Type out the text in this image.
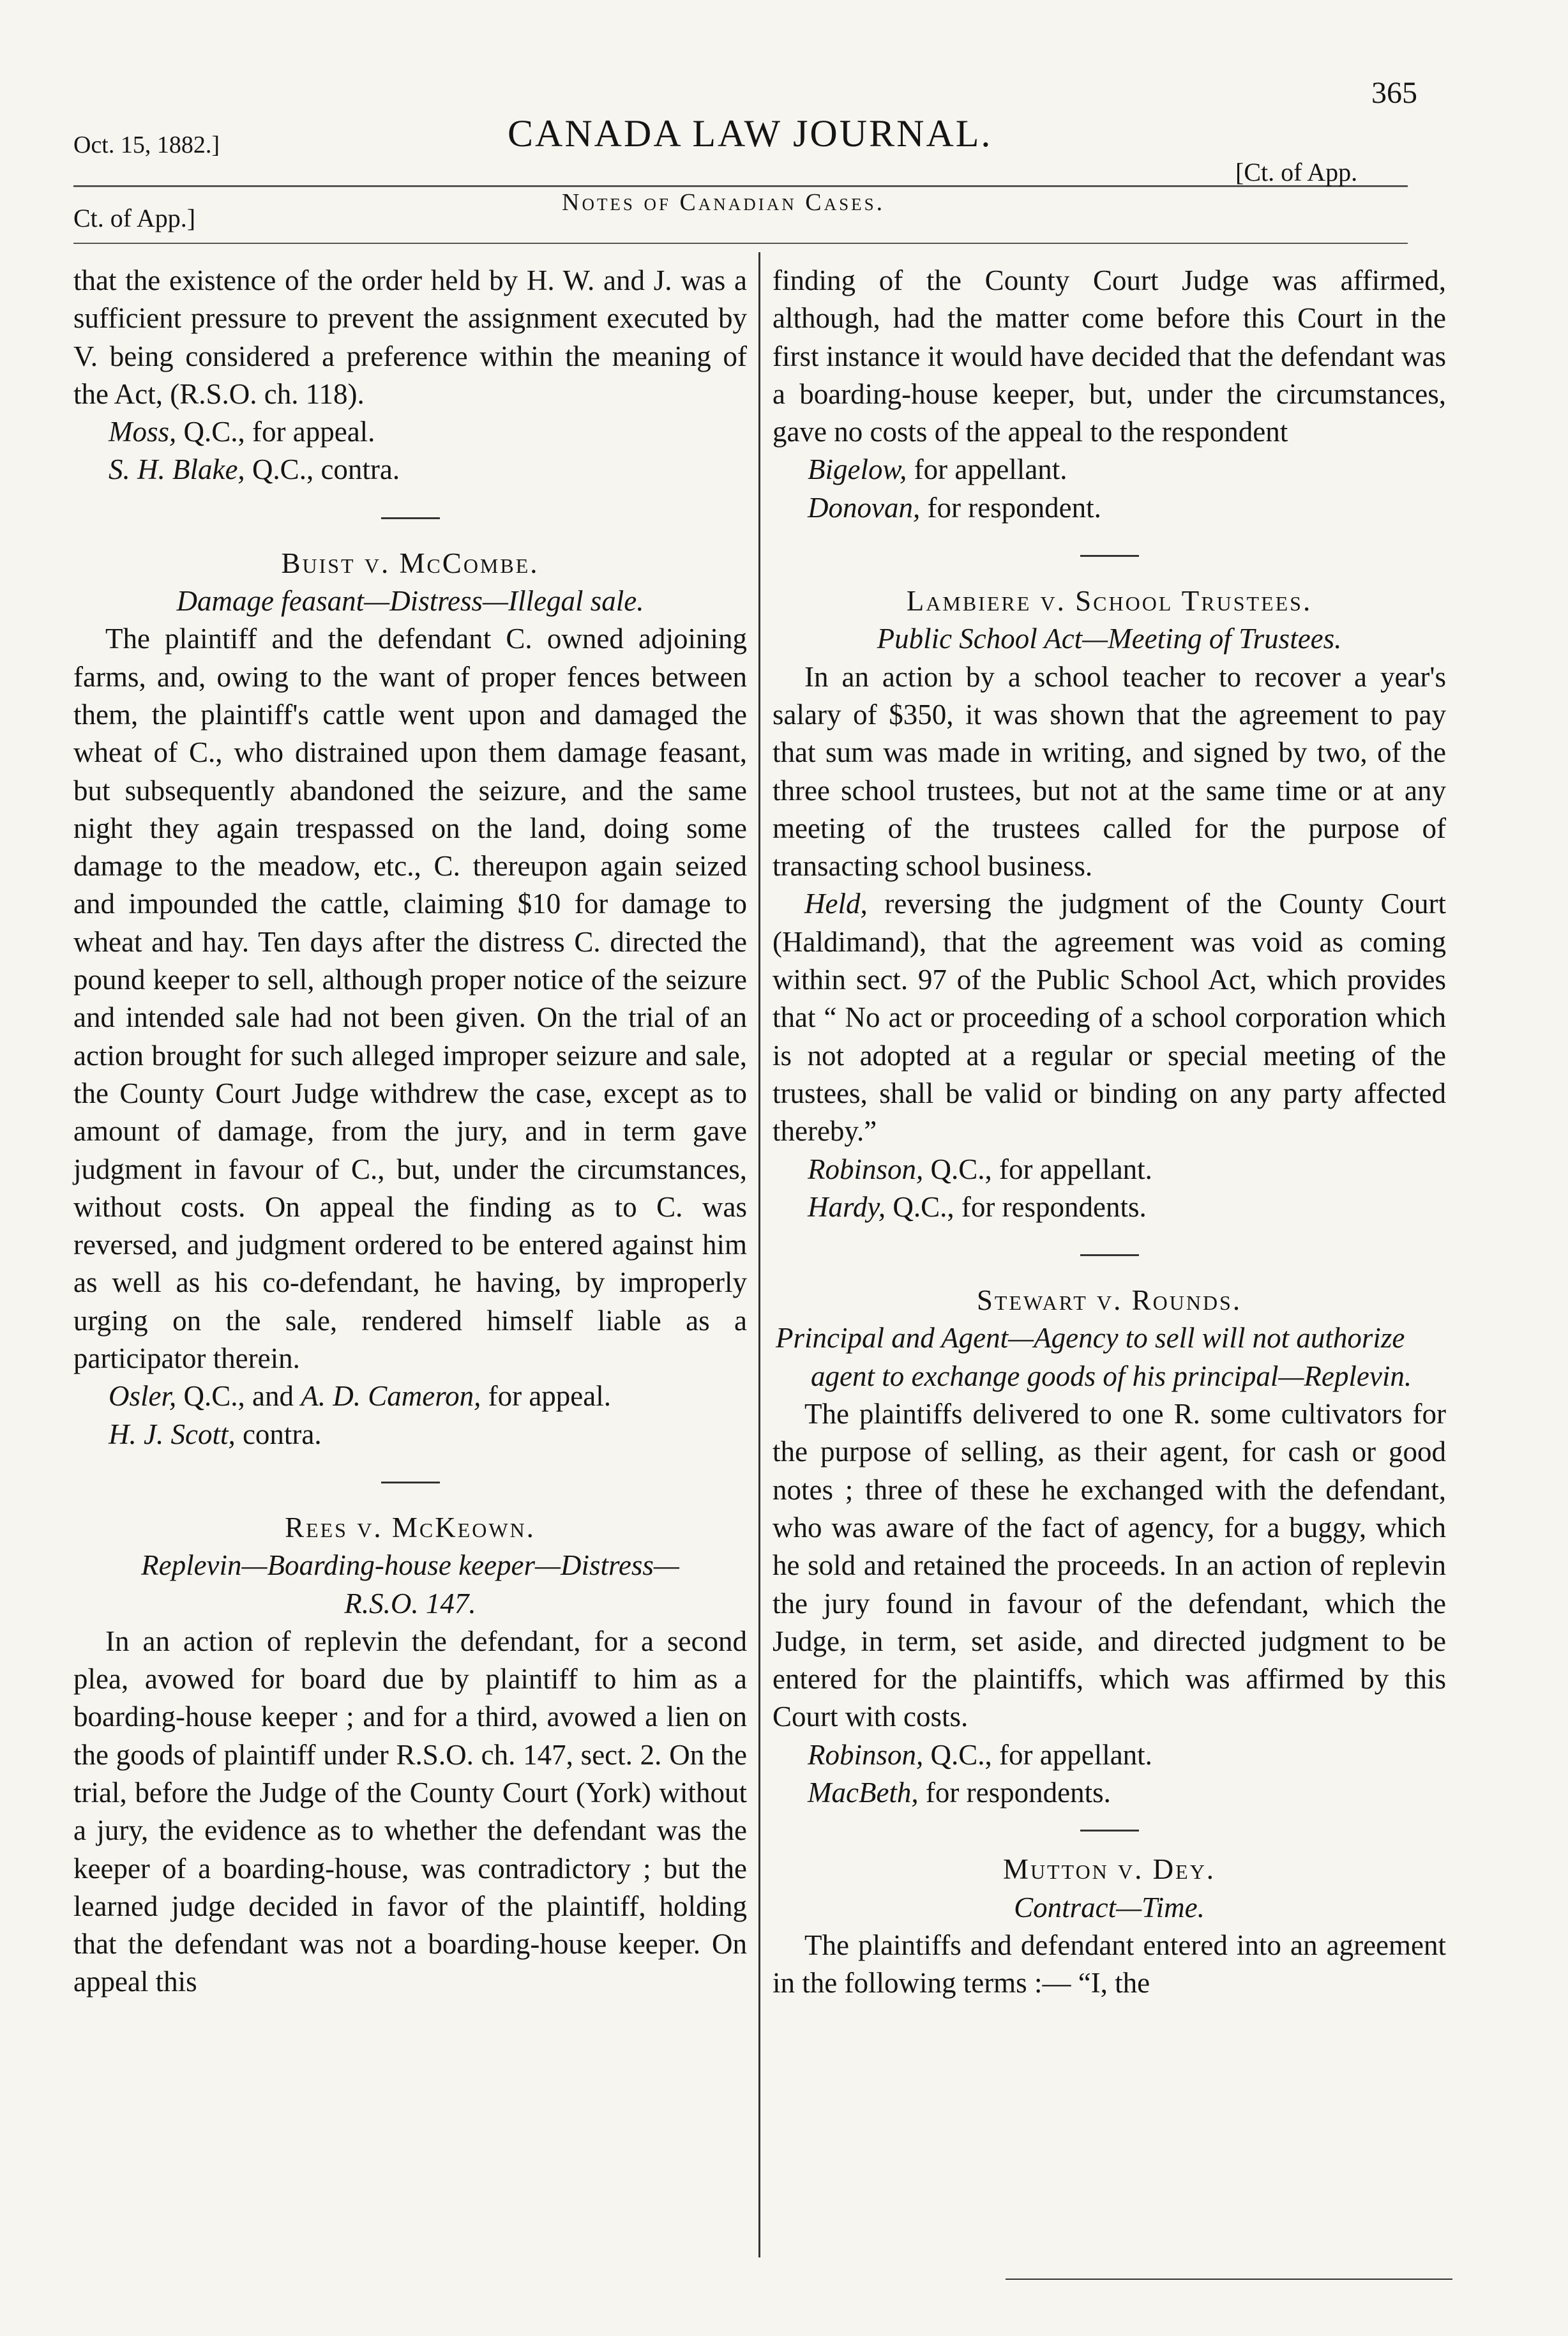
Oct. 15, 1882.]	CANADA LAW JOURNAL.
365
Notes of Canadian Cases.
Ct. of App.]
[Ct. of App.

that the existence of the order held by H. W. and J. was a sufficient pressure to prevent the assignment executed by V. being considered a preference within the meaning of the Act, (R.S.O. ch. 118).

Moss, Q.C., for appeal.

S. H. Blake, Q.C., contra.

Buist v. McCombe.

Damage feasant—Distress—Illegal sale.

The plaintiff and the defendant C. owned adjoining farms, and, owing to the want of proper fences between them, the plaintiff's cattle went upon and damaged the wheat of C., who distrained upon them damage feasant, but subsequently abandoned the seizure, and the same night they again trespassed on the land, doing some damage to the meadow, etc., C. thereupon again seized and impounded the cattle, claiming $10 for damage to wheat and hay. Ten days after the distress C. directed the pound keeper to sell, although proper notice of the seizure and intended sale had not been given. On the trial of an action brought for such alleged improper seizure and sale, the County Court Judge withdrew the case, except as to amount of damage, from the jury, and in term gave judgment in favour of C., but, under the circumstances, without costs. On appeal the finding as to C. was reversed, and judgment ordered to be entered against him as well as his co-defendant, he having, by improperly urging on the sale, rendered himself liable as a participator therein.

Osler, Q.C., and A. D. Cameron, for appeal.

H. J. Scott, contra.

Rees v. McKeown.

Replevin—Boarding-house keeper—Distress—

R.S.O. 147.

In an action of replevin the defendant, for a second plea, avowed for board due by plaintiff to him as a boarding-house keeper ; and for a third, avowed a lien on the goods of plaintiff under R.S.O. ch. 147, sect. 2. On the trial, before the Judge of the County Court (York) without a jury, the evidence as to whether the defendant was the keeper of a boarding-house, was contradictory ; but the learned judge decided in favor of the plaintiff, holding that the defendant was not a boarding-house keeper. On appeal this

finding of the County Court Judge was affirmed, although, had the matter come before this Court in the first instance it would have decided that the defendant was a boarding-house keeper, but, under the circumstances, gave no costs of the appeal to the respondent

Bigelow, for appellant.

Donovan, for respondent.

Lambiere v. School Trustees.

Public School Act—Meeting of Trustees.

In an action by a school teacher to recover a year's salary of $350, it was shown that the agreement to pay that sum was made in writing, and signed by two, of the three school trustees, but not at the same time or at any meeting of the trustees called for the purpose of transacting school business.

Held, reversing the judgment of the County Court (Haldimand), that the agreement was void as coming within sect. 97 of the Public School Act, which provides that “ No act or proceeding of a school corporation which is not adopted at a regular or special meeting of the trustees, shall be valid or binding on any party affected thereby.”

Robinson, Q.C., for appellant.

Hardy, Q.C., for respondents.

Stewart v. Rounds.

Principal and Agent—Agency to sell will not authorize agent to exchange goods of his principal—Replevin.

The plaintiffs delivered to one R. some cultivators for the purpose of selling, as their agent, for cash or good notes ; three of these he exchanged with the defendant, who was aware of the fact of agency, for a buggy, which he sold and retained the proceeds. In an action of replevin the jury found in favour of the defendant, which the Judge, in term, set aside, and directed judgment to be entered for the plaintiffs, which was affirmed by this Court with costs.

Robinson, Q.C., for appellant.

MacBeth, for respondents.

Mutton v. Dey.

Contract—Time.

The plaintiffs and defendant entered into an agreement in the following terms :— “I, the
